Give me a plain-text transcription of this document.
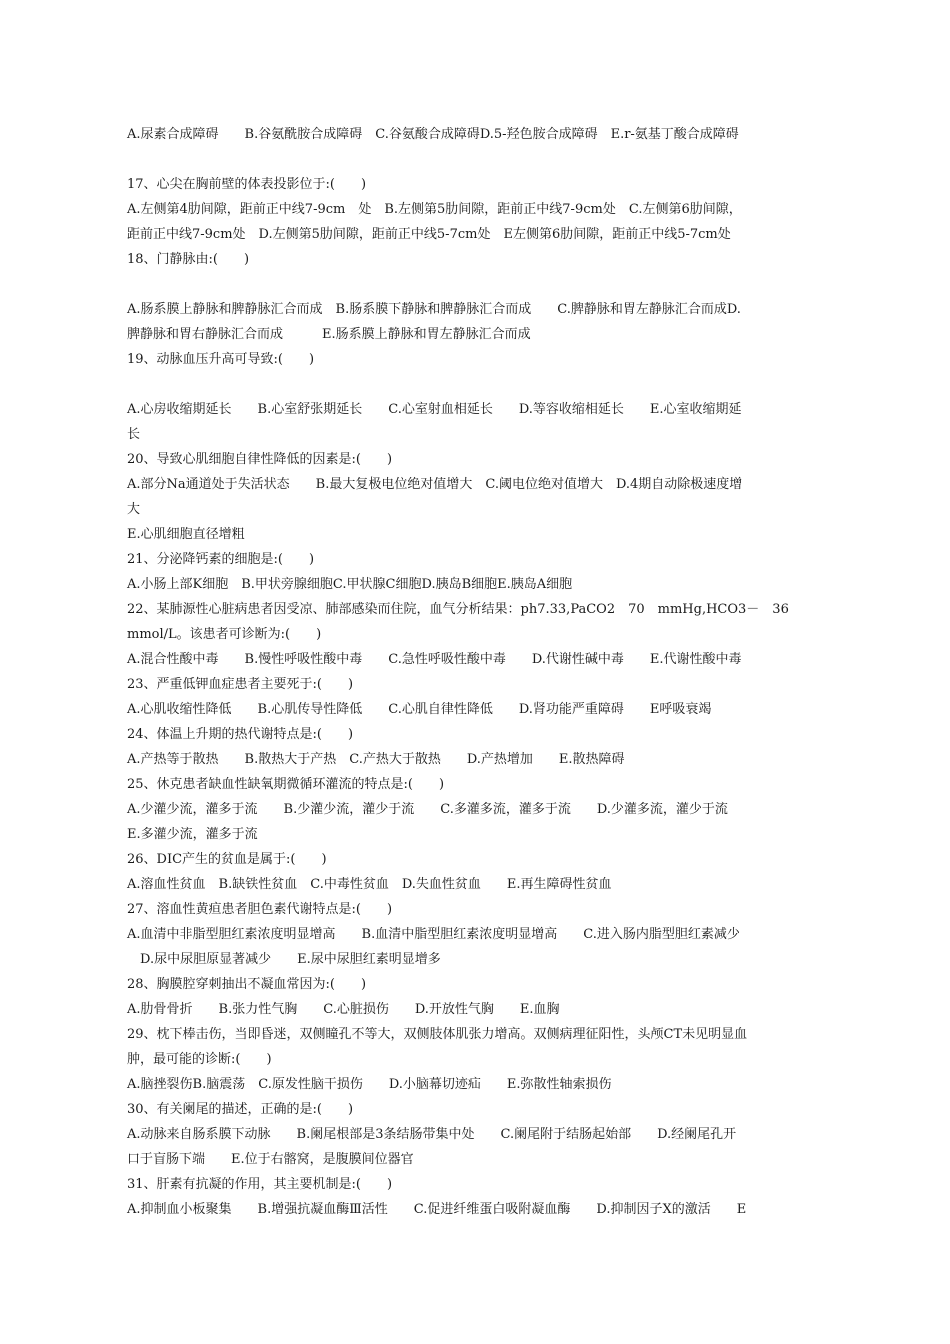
A.尿素合成障碍　　B.谷氨酰胺合成障碍　C.谷氨酸合成障碍D.5-羟色胺合成障碍　E.r-氨基丁酸合成障碍
17、心尖在胸前壁的体表投影位于:(　　)
A.左侧第4肋间隙，距前正中线7-9cm　处　B.左侧第5肋间隙，距前正中线7-9cm处　C.左侧第6肋间隙，
距前正中线7-9cm处　D.左侧第5肋间隙，距前正中线5-7cm处　E左侧第6肋间隙，距前正中线5-7cm处
18、门静脉由:(　　)
A.肠系膜上静脉和脾静脉汇合而成　B.肠系膜下静脉和脾静脉汇合而成　　C.脾静脉和胃左静脉汇合而成D.
脾静脉和胃右静脉汇合而成　　　E.肠系膜上静脉和胃左静脉汇合而成
19、动脉血压升高可导致:(　　)
A.心房收缩期延长　　B.心室舒张期延长　　C.心室射血相延长　　D.等容收缩相延长　　E.心室收缩期延
长
20、导致心肌细胞自律性降低的因素是:(　　)
A.部分Na通道处于失活状态　　B.最大复极电位绝对值增大　C.阈电位绝对值增大　D.4期自动除极速度增
大
E.心肌细胞直径增粗
21、分泌降钙素的细胞是:(　　)
A.小肠上部K细胞　B.甲状旁腺细胞C.甲状腺C细胞D.胰岛B细胞E.胰岛A细胞
22、某肺源性心脏病患者因受凉、肺部感染而住院，血气分析结果：ph7.33,PaCO2　70　mmHg,HCO3－　36
mmol/L。该患者可诊断为:(　　)
A.混合性酸中毒　　B.慢性呼吸性酸中毒　　C.急性呼吸性酸中毒　　D.代谢性碱中毒　　E.代谢性酸中毒
23、严重低钾血症患者主要死于:(　　)
A.心肌收缩性降低　　B.心肌传导性降低　　C.心肌自律性降低　　D.肾功能严重障碍　　E呼吸衰竭
24、体温上升期的热代谢特点是:(　　)
A.产热等于散热　　B.散热大于产热　C.产热大于散热　　D.产热增加　　E.散热障碍
25、休克患者缺血性缺氧期微循环灌流的特点是:(　　)
A.少灌少流，灌多于流　　B.少灌少流，灌少于流　　C.多灌多流，灌多于流　　D.少灌多流，灌少于流
E.多灌少流，灌多于流
26、DIC产生的贫血是属于:(　　)
A.溶血性贫血　B.缺铁性贫血　C.中毒性贫血　D.失血性贫血　　E.再生障碍性贫血
27、溶血性黄疸患者胆色素代谢特点是:(　　)
A.血清中非脂型胆红素浓度明显增高　　B.血清中脂型胆红素浓度明显增高　　C.进入肠内脂型胆红素减少
　D.尿中尿胆原显著减少　　E.尿中尿胆红素明显增多
28、胸膜腔穿刺抽出不凝血常因为:(　　)
A.肋骨骨折　　B.张力性气胸　　C.心脏损伤　　D.开放性气胸　　E.血胸
29、枕下棒击伤，当即昏迷，双侧瞳孔不等大，双侧肢体肌张力增高。双侧病理征阳性，头颅CT未见明显血
肿，最可能的诊断:(　　)
A.脑挫裂伤B.脑震荡　C.原发性脑干损伤　　D.小脑幕切迹疝　　E.弥散性轴索损伤
30、有关阑尾的描述，正确的是:(　　)
A.动脉来自肠系膜下动脉　　B.阑尾根部是3条结肠带集中处　　C.阑尾附于结肠起始部　　D.经阑尾孔开
口于盲肠下端　　E.位于右髂窝，是腹膜间位器官
31、肝素有抗凝的作用，其主要机制是:(　　)
A.抑制血小板聚集　　B.增强抗凝血酶Ⅲ活性　　C.促进纤维蛋白吸附凝血酶　　D.抑制因子X的激活　　E
